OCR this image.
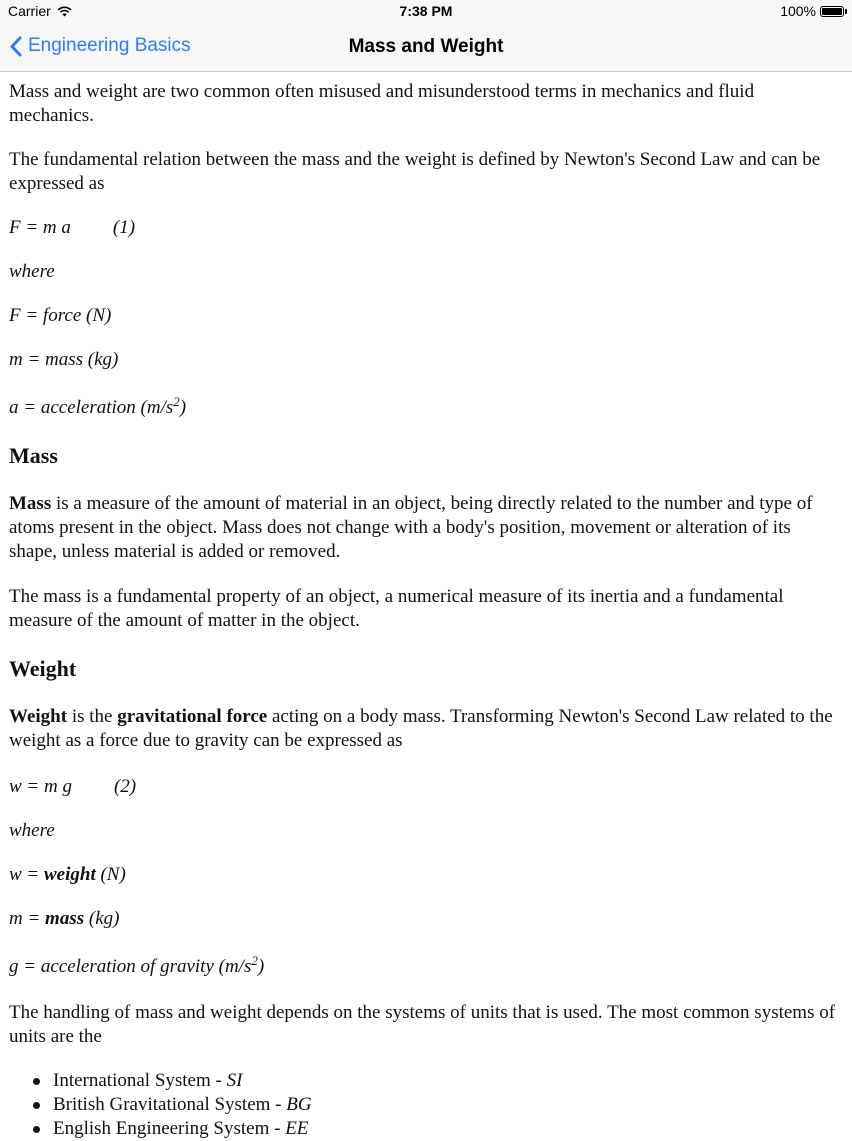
Carrier	7:38 PM	100%
Engineering Basics	Mass and Weight

Mass and weight are two common often misused and misunderstood terms in mechanics and fluid mechanics.

The fundamental relation between the mass and the weight is defined by Newton's Second Law and can be expressed as

F = m a (1)

where

F = force (N)

m = mass (kg)

a = acceleration $(m/s^2)$

Mass

Mass is a measure of the amount of material in an object, being directly related to the number and type of atoms present in the object. Mass does not change with a body's position, movement or alteration of its shape, unless material is added or removed.

The mass is a fundamental property of an object, a numerical measure of its inertia and a fundamental measure of the amount of matter in the object.

Weight

Weight is the gravitational force acting on a body mass. Transforming Newton's Second Law related to the weight as a force due to gravity can be expressed as

w = m g (2)

where

w = weight (N)

m = mass (kg)

g = acceleration of gravity $(m/s^2)$

The handling of mass and weight depends on the systems of units that is used. The most common systems of units are the

International System - SI
British Gravitational System - BG
English Engineering System - EE
